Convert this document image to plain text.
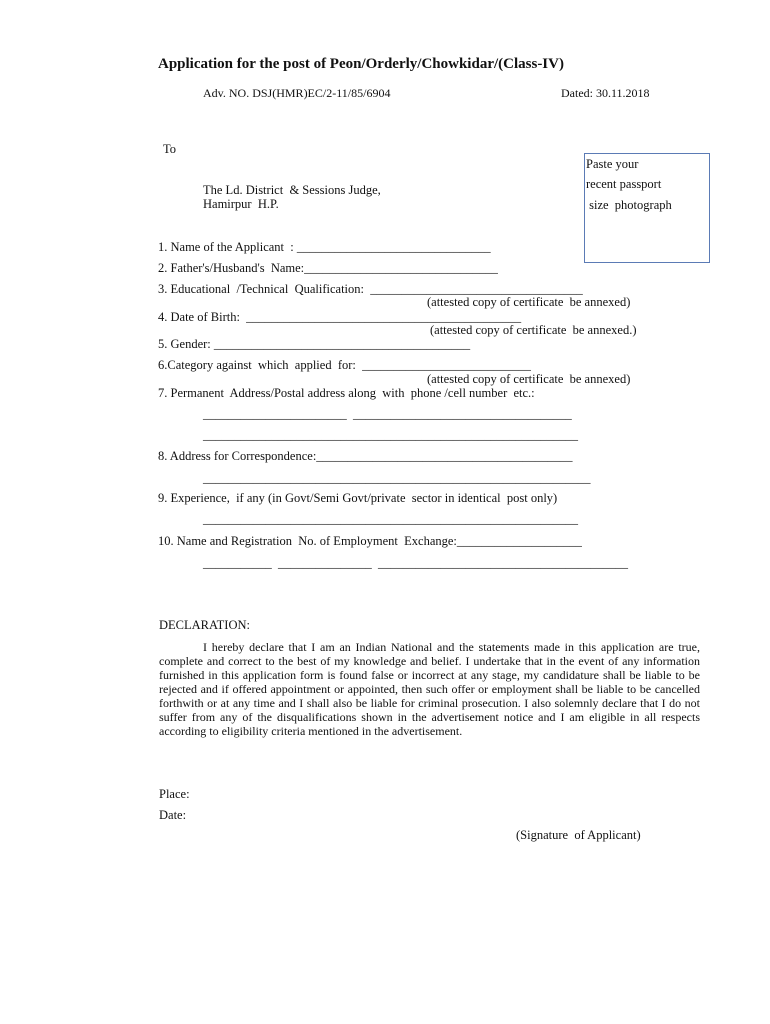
Application for the post of Peon/Orderly/Chowkidar/(Class-IV)
Adv. NO. DSJ(HMR)EC/2-11/85/6904	Dated: 30.11.2018
To
The Ld. District  & Sessions Judge,
Hamirpur  H.P.
Paste your
recent passport
size  photograph
1. Name of the Applicant  : _______________________________
2. Father's/Husband's  Name:_______________________________
3. Educational  /Technical  Qualification:  __________________________________
(attested copy of certificate  be annexed)
4. Date of Birth:  ____________________________________________
(attested copy of certificate  be annexed.)
5. Gender: _________________________________________
6.Category against  which  applied  for:  ___________________________
(attested copy of certificate  be annexed)
7. Permanent  Address/Postal address along  with  phone /cell number  etc.:
_______________________  ___________________________________
____________________________________________________________
8. Address for Correspondence:_________________________________________
______________________________________________________________
9. Experience,  if any (in Govt/Semi Govt/private  sector in identical  post only)
____________________________________________________________
10. Name and Registration  No. of Employment  Exchange:____________________
___________  _______________  ________________________________________
DECLARATION:
I hereby declare that I am an Indian National and the statements made in this application are true, complete and correct to the best of my knowledge and belief. I undertake that in the event of any information furnished in this application form is found false or incorrect at any stage, my candidature shall be liable to be rejected and if offered appointment or appointed, then such offer or employment shall be liable to be cancelled forthwith or at any time and I shall also be liable for criminal prosecution. I also solemnly declare that I do not suffer from any of the disqualifications shown in the advertisement notice and I am eligible in all respects according to eligibility criteria mentioned in the advertisement.
Place:
Date:
(Signature  of Applicant)
